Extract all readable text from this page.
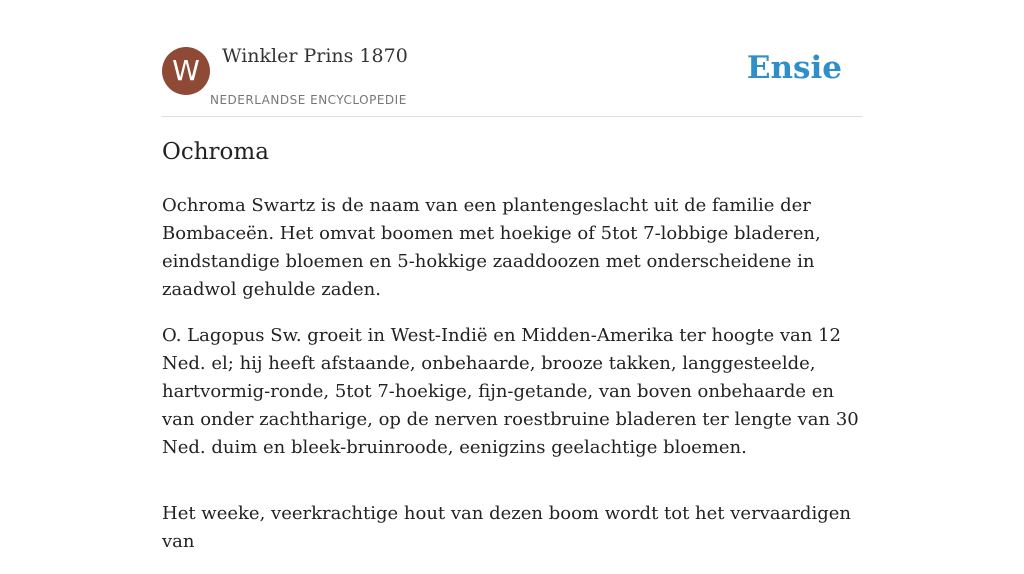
W	Winkler Prins 1870
NEDERLANDSE ENCYCLOPEDIE
Ensie
Ochroma

Ochroma Swartz is de naam van een plantengeslacht uit de familie der Bombaceën. Het omvat boomen met hoekige of 5tot 7-lobbige bladeren, eindstandige bloemen en 5-hokkige zaaddoozen met onderscheidene in zaadwol gehulde zaden.

O. Lagopus Sw. groeit in West-Indië en Midden-Amerika ter hoogte van 12 Ned. el; hij heeft afstaande, onbehaarde, brooze takken, langgesteelde, hartvormig-ronde, 5tot 7-hoekige, fijn-getande, van boven onbehaarde en van onder zachtharige, op de nerven roestbruine bladeren ter lengte van 30 Ned. duim en bleek-bruinroode, eenigzins geelachtige bloemen.

Het weeke, veerkrachtige hout van dezen boom wordt tot het vervaardigen van
